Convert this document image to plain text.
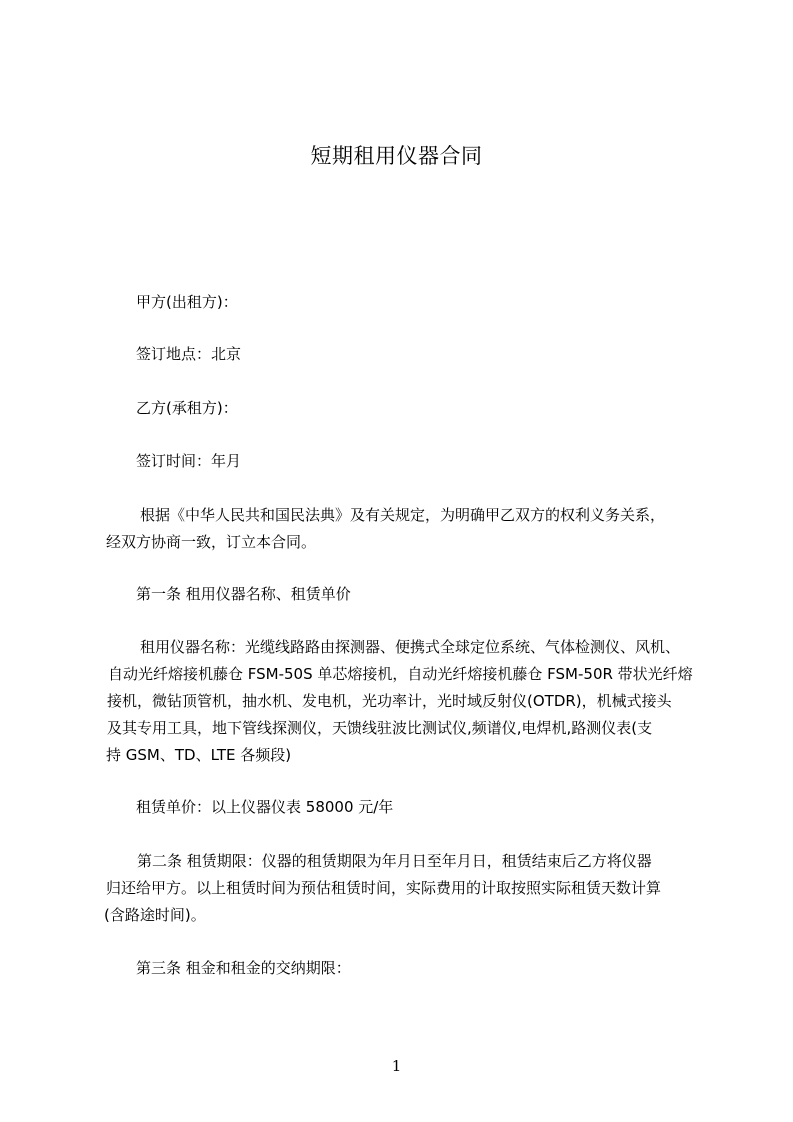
短期租用仪器合同
甲方(出租方)：
签订地点：北京
乙方(承租方)：
签订时间：年月
根据《中华人民共和国民法典》及有关规定，为明确甲乙双方的权利义务关系，
经双方协商一致，订立本合同。
第一条 租用仪器名称、租赁单价
租用仪器名称：光缆线路路由探测器、便携式全球定位系统、气体检测仪、风机、
自动光纤熔接机藤仓 FSM-50S 单芯熔接机，自动光纤熔接机藤仓 FSM-50R 带状光纤熔
接机，微钻顶管机，抽水机、发电机，光功率计，光时域反射仪(OTDR)，机械式接头
及其专用工具，地下管线探测仪，天馈线驻波比测试仪,频谱仪,电焊机,路测仪表(支
持 GSM、TD、LTE 各频段)
租赁单价：以上仪器仪表 58000 元/年
第二条 租赁期限：仪器的租赁期限为年月日至年月日，租赁结束后乙方将仪器
归还给甲方。以上租赁时间为预估租赁时间，实际费用的计取按照实际租赁天数计算
(含路途时间)。
第三条 租金和租金的交纳期限：
1
